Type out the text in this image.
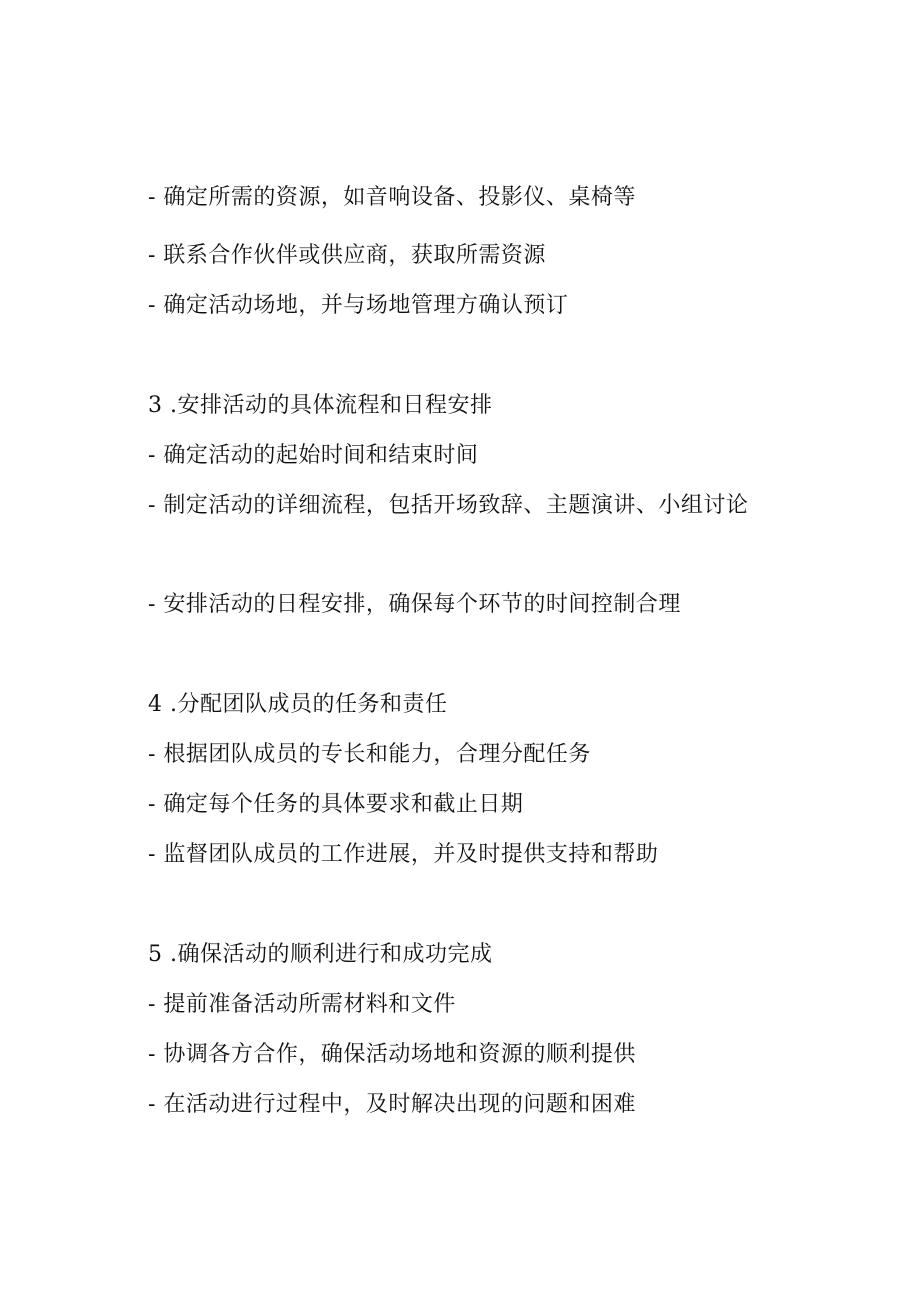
- 确定所需的资源，如音响设备、投影仪、桌椅等
- 联系合作伙伴或供应商，获取所需资源
- 确定活动场地，并与场地管理方确认预订
3 .安排活动的具体流程和日程安排
- 确定活动的起始时间和结束时间
- 制定活动的详细流程，包括开场致辞、主题演讲、小组讨论
- 安排活动的日程安排，确保每个环节的时间控制合理
4 .分配团队成员的任务和责任
- 根据团队成员的专长和能力，合理分配任务
- 确定每个任务的具体要求和截止日期
- 监督团队成员的工作进展，并及时提供支持和帮助
5 .确保活动的顺利进行和成功完成
- 提前准备活动所需材料和文件
- 协调各方合作，确保活动场地和资源的顺利提供
- 在活动进行过程中，及时解决出现的问题和困难
